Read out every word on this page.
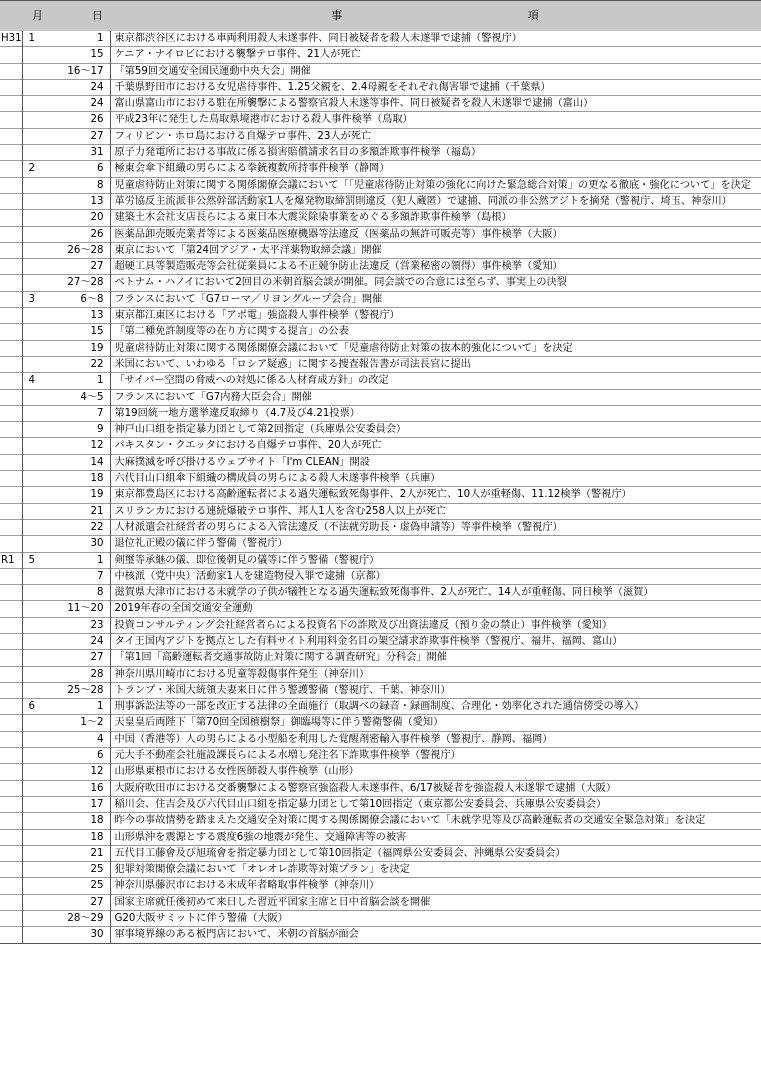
	月	日	事 項
H31	1	1	東京都渋谷区における車両利用殺人未遂事件、同日被疑者を殺人未遂罪で逮捕（警視庁）
		15	ケニア・ナイロビにおける襲撃テロ事件、21人が死亡
		16～17	「第59回交通安全国民運動中央大会」開催
		24	千葉県野田市における女児虐待事件、1.25父親を、2.4母親をそれぞれ傷害罪で逮捕（千葉県）
		24	富山県富山市における駐在所襲撃による警察官殺人未遂等事件、同日被疑者を殺人未遂罪で逮捕（富山）
		26	平成23年に発生した鳥取県境港市における殺人事件検挙（鳥取）
		27	フィリピン・ホロ島における自爆テロ事件、23人が死亡
		31	原子力発電所における事故に係る損害賠償請求名目の多額詐欺事件検挙（福島）
	2	6	極東会傘下組織の男らによる拳銃複数所持事件検挙（静岡）
		8	児童虐待防止対策に関する関係閣僚会議において「「児童虐待防止対策の強化に向けた緊急総合対策」の更なる徹底・強化について」を決定
		13	革労協反主流派非公然幹部活動家1人を爆発物取締罰則違反（犯人蔵匿）で逮捕、同派の非公然アジトを摘発（警視庁、埼玉、神奈川）
		20	建築土木会社支店長らによる東日本大震災除染事業をめぐる多額詐欺事件検挙（島根）
		26	医薬品卸売販売業者等による医薬品医療機器等法違反（医薬品の無許可販売等）事件検挙（大阪）
		26～28	東京において「第24回アジア・太平洋薬物取締会議」開催
		27	超硬工具等製造販売等会社従業員による不正競争防止法違反（営業秘密の領得）事件検挙（愛知）
		27～28	ベトナム・ハノイにおいて2回目の米朝首脳会談が開催。同会談での合意には至らず、事実上の決裂
	3	6～8	フランスにおいて「G7ローマ／リヨングループ会合」開催
		13	東京都江東区における「アポ電」強盗殺人事件検挙（警視庁）
		15	「第二種免許制度等の在り方に関する提言」の公表
		19	児童虐待防止対策に関する関係閣僚会議において「児童虐待防止対策の抜本的強化について」を決定
		22	米国において、いわゆる「ロシア疑惑」に関する捜査報告書が司法長官に提出
	4	1	「サイバー空間の脅威への対処に係る人材育成方針」の改定
		4～5	フランスにおいて「G7内務大臣会合」開催
		7	第19回統一地方選挙違反取締り（4.7及び4.21投票）
		9	神戸山口組を指定暴力団として第2回指定（兵庫県公安委員会）
		12	パキスタン・クエッタにおける自爆テロ事件、20人が死亡
		14	大麻撲滅を呼び掛けるウェブサイト「I'm CLEAN」開設
		18	六代目山口組傘下組織の構成員の男らによる殺人未遂事件検挙（兵庫）
		19	東京都豊島区における高齢運転者による過失運転致死傷事件、2人が死亡、10人が重軽傷、11.12検挙（警視庁）
		21	スリランカにおける連続爆破テロ事件、邦人1人を含む258人以上が死亡
		22	人材派遣会社経営者の男らによる入管法違反（不法就労助長・虚偽申請等）等事件検挙（警視庁）
		30	退位礼正殿の儀に伴う警備（警視庁）
R1	5	1	剣璽等承継の儀、即位後朝見の儀等に伴う警備（警視庁）
		7	中核派（党中央）活動家1人を建造物侵入罪で逮捕（京都）
		8	滋賀県大津市における未就学の子供が犠牲となる過失運転致死傷事件、2人が死亡、14人が重軽傷、同日検挙（滋賀）
		11～20	2019年春の全国交通安全運動
		23	投資コンサルティング会社経営者らによる投資名下の詐欺及び出資法違反（預り金の禁止）事件検挙（愛知）
		24	タイ王国内アジトを拠点とした有料サイト利用料金名目の架空請求詐欺事件検挙（警視庁、福井、福岡、富山）
		27	「第1回「高齢運転者交通事故防止対策に関する調査研究」分科会」開催
		28	神奈川県川崎市における児童等殺傷事件発生（神奈川）
		25～28	トランプ・米国大統領夫妻来日に伴う警護警備（警視庁、千葉、神奈川）
	6	1	刑事訴訟法等の一部を改正する法律の全面施行（取調べの録音・録画制度、合理化・効率化された通信傍受の導入）
		1～2	天皇皇后両陛下「第70回全国植樹祭」御臨場等に伴う警衛警備（愛知）
		4	中国（香港等）人の男らによる小型船を利用した覚醒剤密輸入事件検挙（警視庁、静岡、福岡）
		6	元大手不動産会社施設課長らによる水増し発注名下詐欺事件検挙（警視庁）
		12	山形県東根市における女性医師殺人事件検挙（山形）
		16	大阪府吹田市における交番襲撃による警察官強盗殺人未遂事件、6/17被疑者を強盗殺人未遂罪で逮捕（大阪）
		17	稲川会、住吉会及び六代目山口組を指定暴力団として第10回指定（東京都公安委員会、兵庫県公安委員会）
		18	昨今の事故情勢を踏まえた交通安全対策に関する関係閣僚会議において「未就学児等及び高齢運転者の交通安全緊急対策」を決定
		18	山形県沖を震源とする震度6強の地震が発生、交通障害等の被害
		21	五代目工藤會及び旭琉會を指定暴力団として第10回指定（福岡県公安委員会、沖縄県公安委員会）
		25	犯罪対策閣僚会議において「オレオレ詐欺等対策プラン」を決定
		25	神奈川県藤沢市における未成年者略取事件検挙（神奈川）
		27	国家主席就任後初めて来日した習近平国家主席と日中首脳会談を開催
		28～29	G20大阪サミットに伴う警備（大阪）
		30	軍事境界線のある板門店において、米朝の首脳が面会
